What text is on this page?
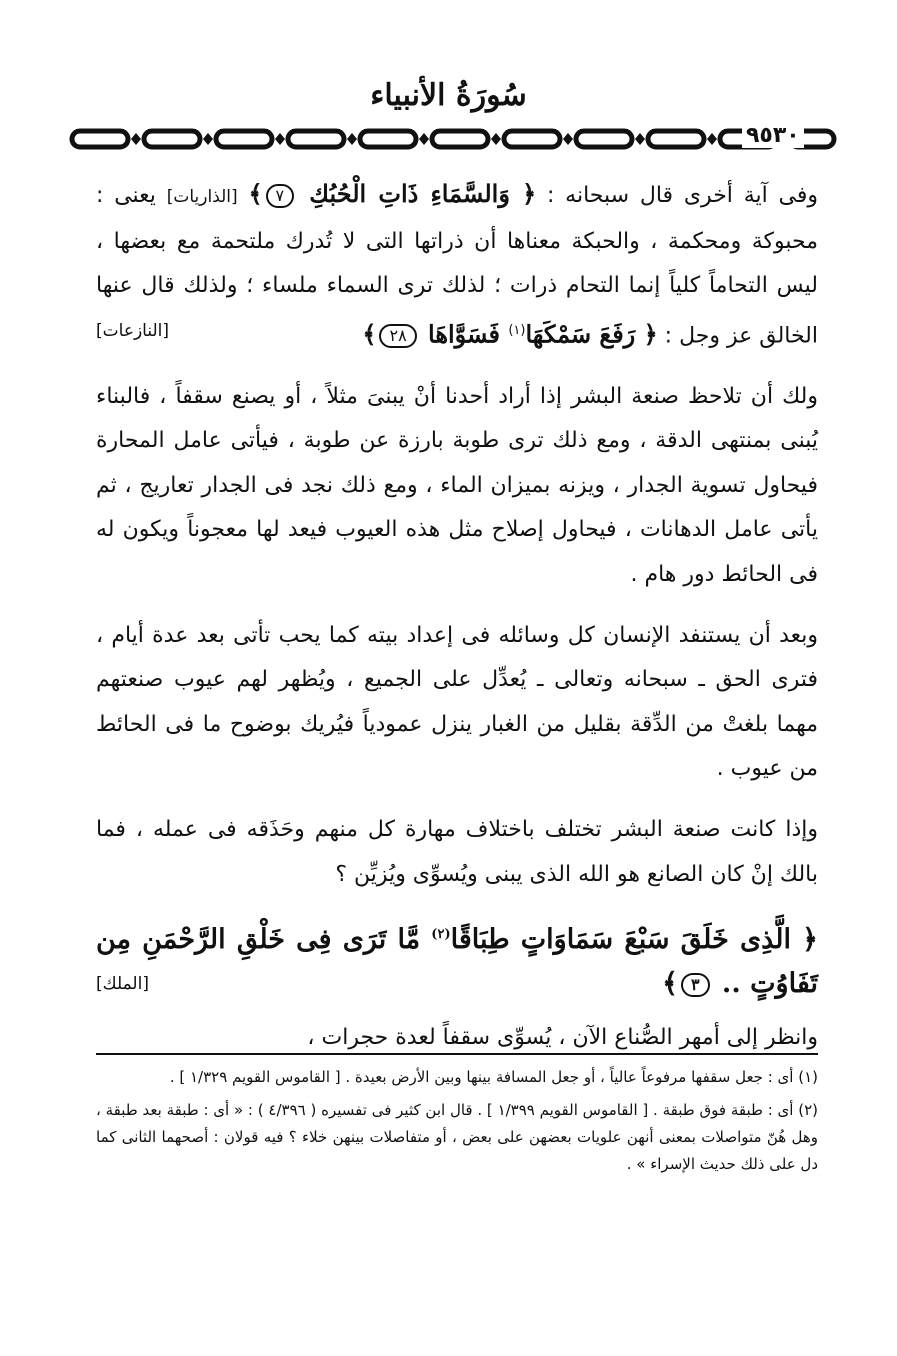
سُورَةُ الأنبياء
٩٥٣٠

وفى آية أخرى قال سبحانه : ﴿ وَالسَّمَاءِ ذَاتِ الْحُبُكِ ٧﴾ [الذاريات] يعنى : محبوكة ومحكمة ، والحبكة معناها أن ذراتها التى لا تُدرك ملتحمة مع بعضها ، ليس التحاماً كلياً إنما التحام ذرات ؛ لذلك ترى السماء ملساء ؛ ولذلك قال عنها الخالق عز وجل : ﴿ رَفَعَ سَمْكَهَا$^{(١)}$ فَسَوَّاهَا ٢٨﴾
[النازعات]

ولك أن تلاحظ صنعة البشر إذا أراد أحدنا أنْ يبنىَ مثلاً ، أو يصنع سقفاً ، فالبناء يُبنى بمنتهى الدقة ، ومع ذلك ترى طوبة بارزة عن طوبة ، فيأتى عامل المحارة فيحاول تسوية الجدار ، ويزنه بميزان الماء ، ومع ذلك نجد فى الجدار تعاريج ، ثم يأتى عامل الدهانات ، فيحاول إصلاح مثل هذه العيوب فيعد لها معجوناً ويكون له فى الحائط دور هام .

وبعد أن يستنفد الإنسان كل وسائله فى إعداد بيته كما يحب تأتى بعد عدة أيام ، فترى الحق ـ سبحانه وتعالى ـ يُعدِّل على الجميع ، ويُظهر لهم عيوب صنعتهم مهما بلغتْ من الدِّقة بقليل من الغبار ينزل عمودياً فيُريك بوضوح ما فى الحائط من عيوب .

وإذا كانت صنعة البشر تختلف باختلاف مهارة كل منهم وحَذَقه فى عمله ، فما بالك إنْ كان الصانع هو الله الذى يبنى ويُسوِّى ويُزيِّن ؟

﴿ الَّذِى خَلَقَ سَبْعَ سَمَاوَاتٍ طِبَاقًا$^{(٢)}$ مَّا تَرَى فِى خَلْقِ الرَّحْمَنِ مِن تَفَاوُتٍ .. ٣﴾
[الملك]

وانظر إلى أمهر الصُّناع الآن ، يُسوِّى سقفاً لعدة حجرات ،

(١) أى : جعل سقفها مرفوعاً عالياً ، أو جعل المسافة بينها وبين الأرض بعيدة . [ القاموس القويم ١/٣٢٩ ] .

(٢) أى : طبقة فوق طبقة . [ القاموس القويم ١/٣٩٩ ] . قال ابن كثير فى تفسيره ( ٤/٣٩٦ ) : « أى : طبقة بعد طبقة ، وهل هُنّ متواصلات بمعنى أنهن علويات بعضهن على بعض ، أو متفاصلات بينهن خلاء ؟ فيه قولان : أصحهما الثانى كما دل على ذلك حديث الإسراء » .
